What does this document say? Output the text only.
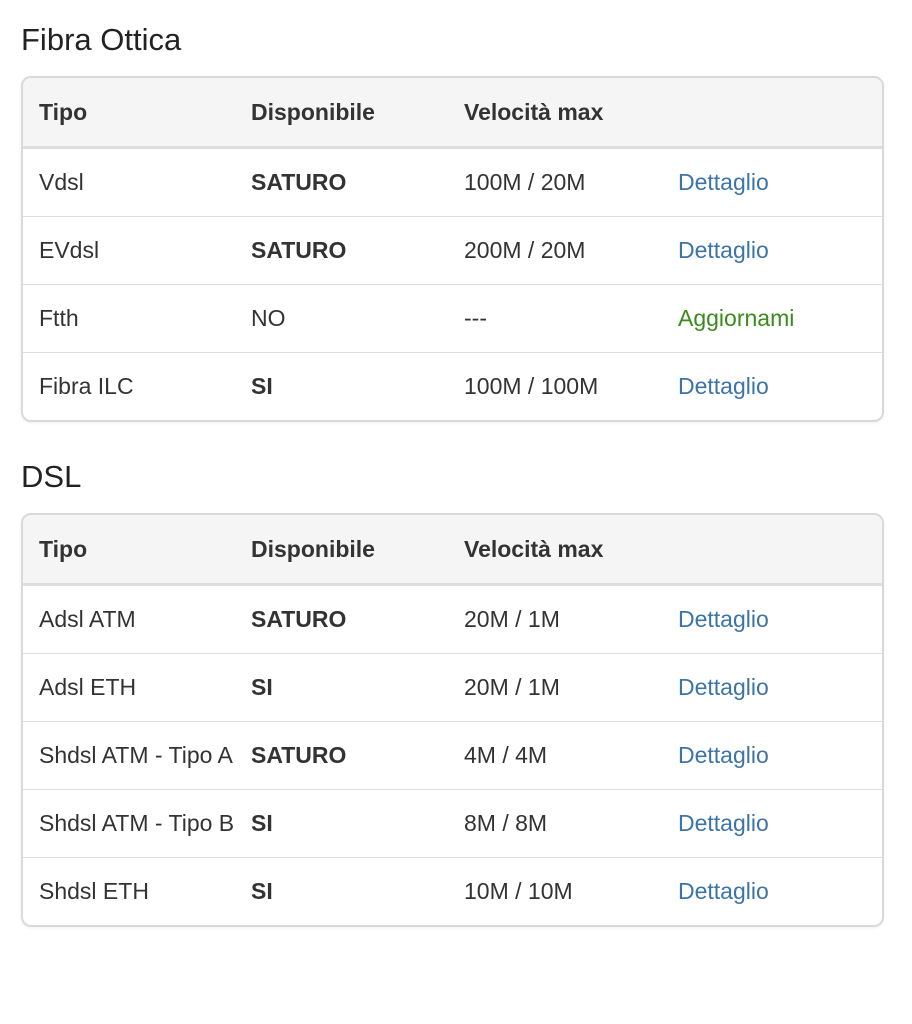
Fibra Ottica
Tipo	Disponibile	Velocità max	
Vdsl	SATURO	100M / 20M	Dettaglio
EVdsl	SATURO	200M / 20M	Dettaglio
Ftth	NO	---	Aggiornami
Fibra ILC	SI	100M / 100M	Dettaglio
DSL
Tipo	Disponibile	Velocità max	
Adsl ATM	SATURO	20M / 1M	Dettaglio
Adsl ETH	SI	20M / 1M	Dettaglio
Shdsl ATM - Tipo A	SATURO	4M / 4M	Dettaglio
Shdsl ATM - Tipo B	SI	8M / 8M	Dettaglio
Shdsl ETH	SI	10M / 10M	Dettaglio
